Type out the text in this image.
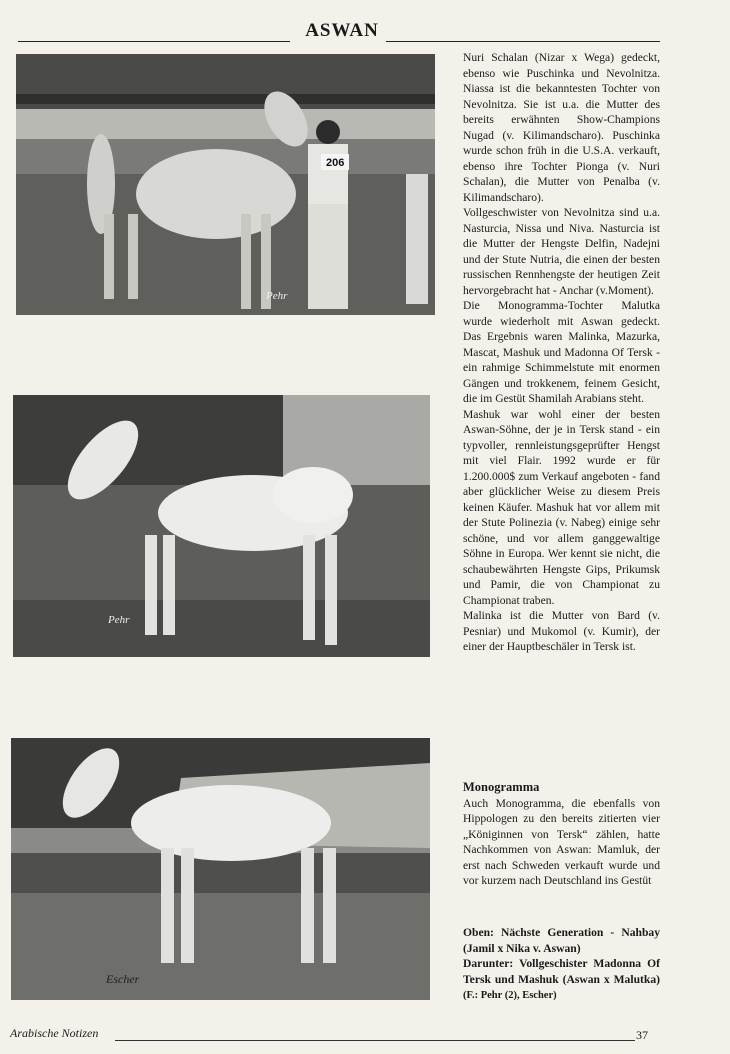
ASWAN
206
Pehr
Pehr
Escher

Nuri Schalan (Nizar x Wega) gedeckt, ebenso wie Puschinka und Nevolnitza. Niassa ist die bekanntesten Tochter von Nevolnitza. Sie ist u.a. die Mutter des bereits erwähnten Show-Champions Nugad (v. Kilimandscharo). Puschinka wurde schon früh in die U.S.A. verkauft, ebenso ihre Tochter Pionga (v. Nuri Schalan), die Mutter von Penalba (v. Kilimandscharo).

Vollgeschwister von Nevolnitza sind u.a. Nasturcia, Nissa und Niva. Nasturcia ist die Mutter der Hengste Delfin, Nadejni und der Stute Nutria, die einen der besten russischen Rennhengste der heutigen Zeit hervorgebracht hat - Anchar (v.Moment).

Die Monogramma-Tochter Malutka wurde wiederholt mit Aswan gedeckt. Das Ergebnis waren Malinka, Mazurka, Mascat, Mashuk und Madonna Of Tersk - ein rahmige Schimmelstute mit enormen Gängen und trokkenem, feinem Gesicht, die im Gestüt Shamilah Arabians steht.

Mashuk war wohl einer der besten Aswan-Söhne, der je in Tersk stand - ein typvoller, rennleistungsgeprüfter Hengst mit viel Flair. 1992 wurde er für 1.200.000$ zum Verkauf angeboten - fand aber glücklicher Weise zu diesem Preis keinen Käufer. Mashuk hat vor allem mit der Stute Polinezia (v. Nabeg) einige sehr schöne, und vor allem ganggewaltige Söhne in Europa. Wer kennt sie nicht, die schaubewährten Hengste Gips, Prikumsk und Pamir, die von Championat zu Championat traben.

Malinka ist die Mutter von Bard (v. Pesniar) und Mukomol (v. Kumir), der einer der Hauptbeschäler in Tersk ist.

Monogramma

Auch Monogramma, die ebenfalls von Hippologen zu den bereits zitierten vier „Königinnen von Tersk“ zählen, hatte Nachkommen von Aswan: Mamluk, der erst nach Schweden verkauft wurde und vor kurzem nach Deutschland ins Gestüt

Oben: Nächste Generation - Nahbay (Jamil x Nika v. Aswan)

Darunter: Vollgeschister Madonna Of Tersk und Mashuk (Aswan x Malutka) (F.: Pehr (2), Escher)

Arabische Notizen	37
